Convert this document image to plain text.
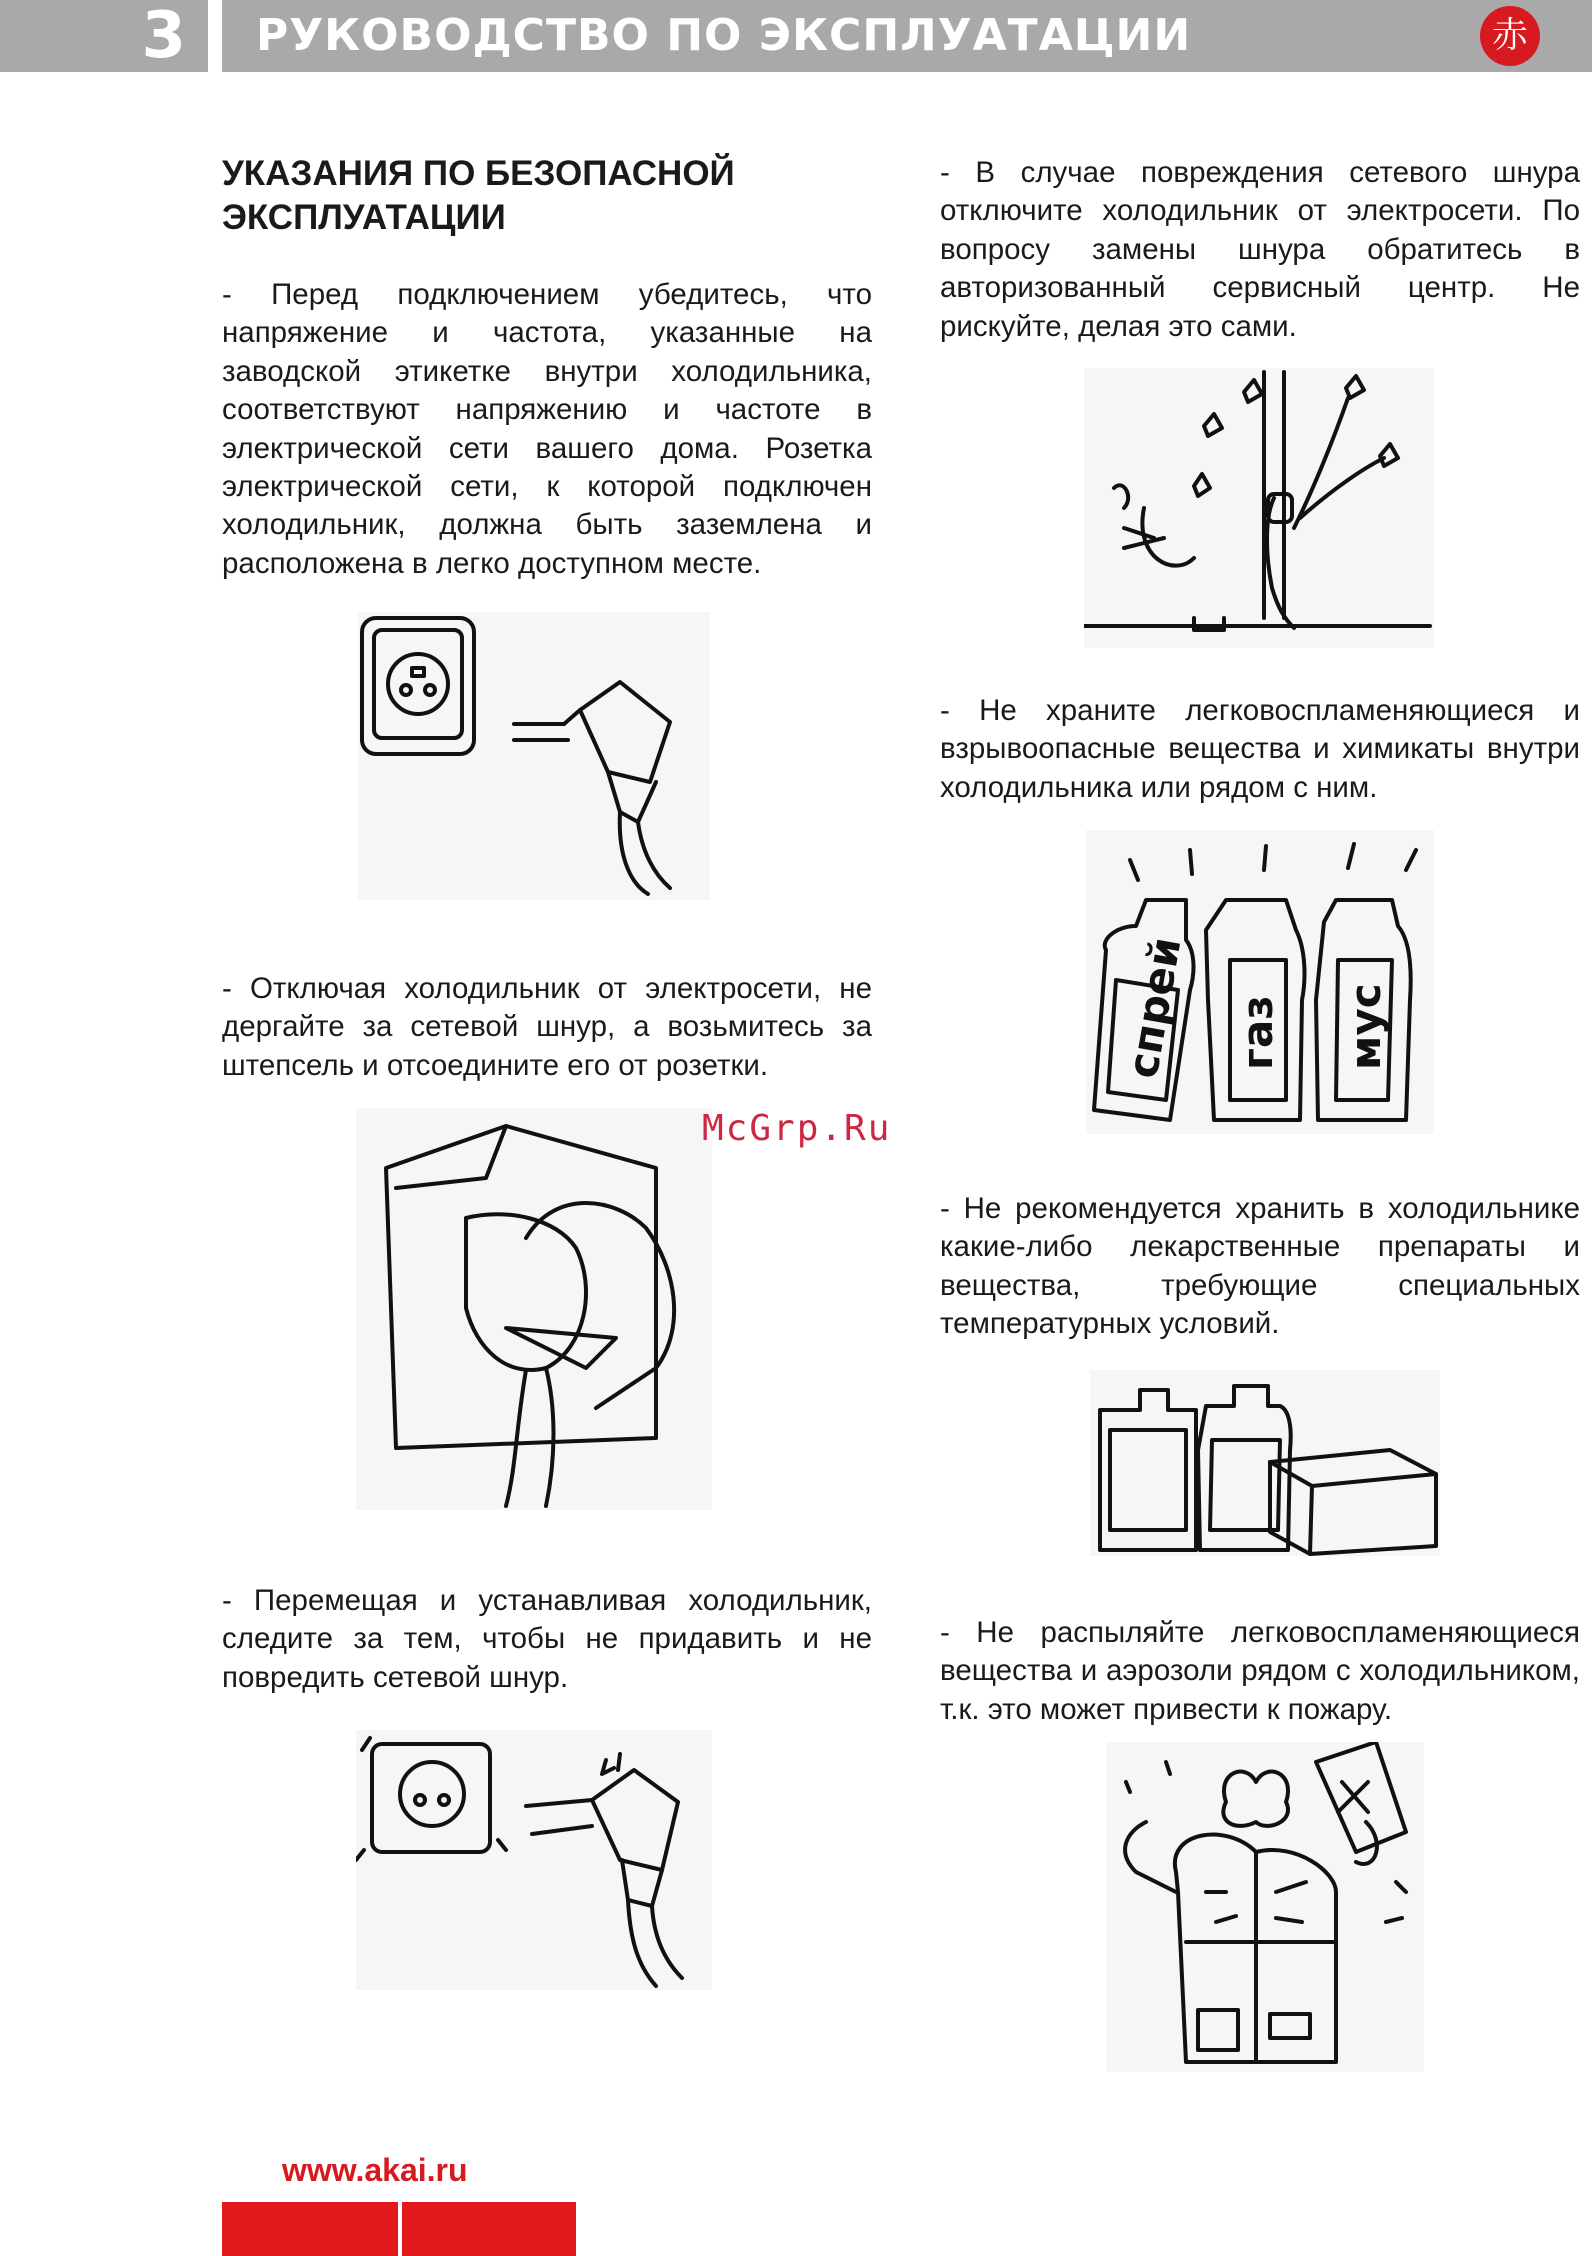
3	РУКОВОДСТВО ПО ЭКСПЛУАТАЦИИ	赤
УКАЗАНИЯ ПО БЕЗОПАСНОЙ
ЭКСПЛУАТАЦИИ

- Перед подключением убедитесь, что напряжение и частота, указанные на заводской этикетке внутри холодильника, соответствуют напряжению и частоте в электрической сети вашего дома. Розетка электрической сети, к которой подключен холодильник, должна быть заземлена и расположена в легко доступном месте.

- Отключая холодильник от электросети, не дергайте за сетевой шнур, а возьмитесь за штепсель и отсоедините его от розетки.

- Перемещая и устанавливая холодильник, следите за тем, чтобы не придавить и не повредить сетевой шнур.

- В случае повреждения сетевого шнура отключите холодильник от электросети. По вопросу замены шнура обратитесь в авторизованный сервисный центр. Не рискуйте, делая это сами.

- Не храните легковоспламеняющиеся и взрывоопасные вещества и химикаты внутри холодильника или рядом с ним.

спрей газ мус

- Не рекомендуется хранить в холодильнике какие-либо лекарственные препараты и вещества, требующие специальных температурных условий.

- Не распыляйте легковоспламеняющиеся вещества и аэрозоли рядом с холодильником, т.к. это может привести к пожару.

McGrp.Ru
www.akai.ru
